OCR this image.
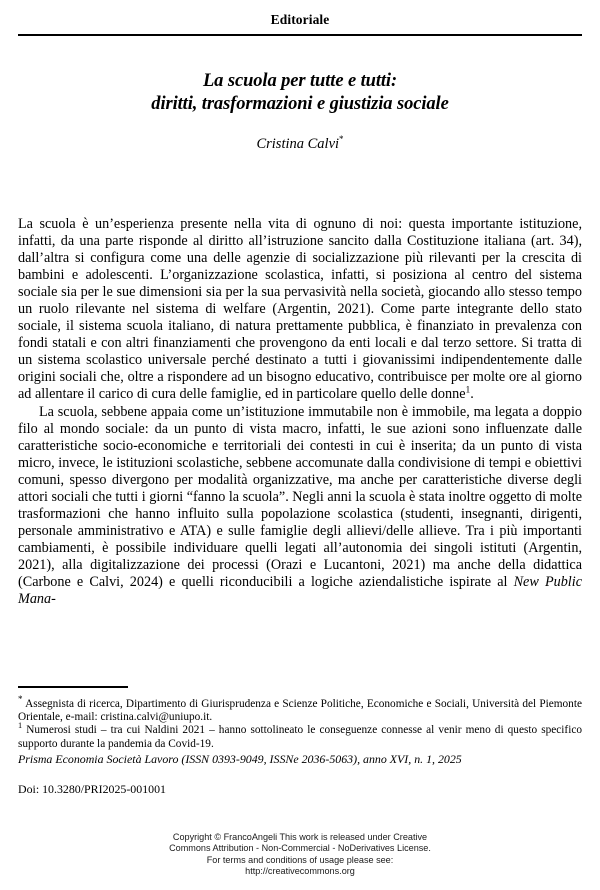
Editoriale
La scuola per tutte e tutti:
diritti, trasformazioni e giustizia sociale
Cristina Calvi*

La scuola è un’esperienza presente nella vita di ognuno di noi: questa importante istituzione, infatti, da una parte risponde al diritto all’istruzione sancito dalla Costituzione italiana (art. 34), dall’altra si configura come una delle agenzie di socializzazione più rilevanti per la crescita di bambini e adolescenti. L’organizzazione scolastica, infatti, si posiziona al centro del sistema sociale sia per le sue dimensioni sia per la sua pervasività nella società, giocando allo stesso tempo un ruolo rilevante nel sistema di welfare (Argentin, 2021). Come parte integrante dello stato sociale, il sistema scuola italiano, di natura prettamente pubblica, è finanziato in prevalenza con fondi statali e con altri finanziamenti che provengono da enti locali e dal terzo settore. Si tratta di un sistema scolastico universale perché destinato a tutti i giovanissimi indipendentemente dalle origini sociali che, oltre a rispondere ad un bisogno educativo, contribuisce per molte ore al giorno ad allentare il carico di cura delle famiglie, ed in particolare quello delle donne$^1$.

La scuola, sebbene appaia come un’istituzione immutabile non è immobile, ma legata a doppio filo al mondo sociale: da un punto di vista macro, infatti, le sue azioni sono influenzate dalle caratteristiche socio-economiche e territoriali dei contesti in cui è inserita; da un punto di vista micro, invece, le istituzioni scolastiche, sebbene accomunate dalla condivisione di tempi e obiettivi comuni, spesso divergono per modalità organizzative, ma anche per caratteristiche diverse degli attori sociali che tutti i giorni “fanno la scuola”. Negli anni la scuola è stata inoltre oggetto di molte trasformazioni che hanno influito sulla popolazione scolastica (studenti, insegnanti, dirigenti, personale amministrativo e ATA) e sulle famiglie degli allievi/delle allieve. Tra i più importanti cambiamenti, è possibile individuare quelli legati all’autonomia dei singoli istituti (Argentin, 2021), alla digitalizzazione dei processi (Orazi e Lucantoni, 2021) ma anche della didattica (Carbone e Calvi, 2024) e quelli riconducibili a logiche aziendalistiche ispirate al New Public Mana-

* Assegnista di ricerca, Dipartimento di Giurisprudenza e Scienze Politiche, Economiche e Sociali, Università del Piemonte Orientale, e-mail: cristina.calvi@uniupo.it.

$^1$ Numerosi studi – tra cui Naldini 2021 – hanno sottolineato le conseguenze connesse al venir meno di questo specifico supporto durante la pandemia da Covid-19.

Prisma Economia Società Lavoro (ISSN 0393-9049, ISSNe 2036-5063), anno XVI, n. 1, 2025
Doi: 10.3280/PRI2025-001001
Copyright © FrancoAngeli This work is released under Creative
Commons Attribution - Non-Commercial - NoDerivatives License.
For terms and conditions of usage please see:
http://creativecommons.org
